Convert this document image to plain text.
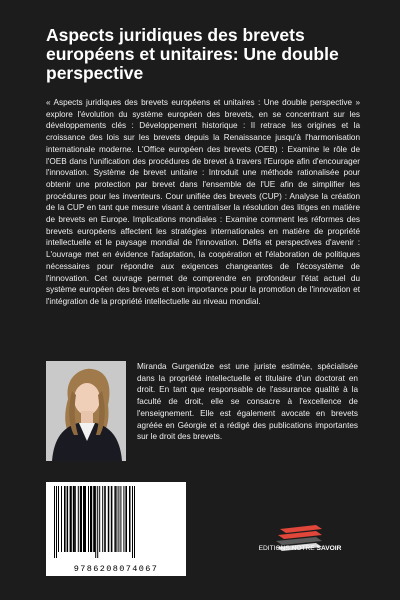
Aspects juridiques des brevets européens et unitaires: Une double perspective

« Aspects juridiques des brevets européens et unitaires : Une double perspective » explore l'évolution du système européen des brevets, en se concentrant sur les développements clés : Développement historique : Il retrace les origines et la croissance des lois sur les brevets depuis la Renaissance jusqu'à l'harmonisation internationale moderne. L'Office européen des brevets (OEB) : Examine le rôle de l'OEB dans l'unification des procédures de brevet à travers l'Europe afin d'encourager l'innovation. Système de brevet unitaire : Introduit une méthode rationalisée pour obtenir une protection par brevet dans l'ensemble de l'UE afin de simplifier les procédures pour les inventeurs. Cour unifiée des brevets (CUP) : Analyse la création de la CUP en tant que mesure visant à centraliser la résolution des litiges en matière de brevets en Europe. Implications mondiales : Examine comment les réformes des brevets européens affectent les stratégies internationales en matière de propriété intellectuelle et le paysage mondial de l'innovation. Défis et perspectives d'avenir : L'ouvrage met en évidence l'adaptation, la coopération et l'élaboration de politiques nécessaires pour répondre aux exigences changeantes de l'écosystème de l'innovation. Cet ouvrage permet de comprendre en profondeur l'état actuel du système européen des brevets et son importance pour la promotion de l'innovation et l'intégration de la propriété intellectuelle au niveau mondial.

Miranda Gurgenidze est une juriste estimée, spécialisée dans la propriété intellectuelle et titulaire d'un doctorat en droit. En tant que responsable de l'assurance qualité à la faculté de droit, elle se consacre à l'excellence de l'enseignement. Elle est également avocate en brevets agréée en Géorgie et a rédigé des publications importantes sur le droit des brevets.

9786208074067
EDITIONS NOTRE SAVOIR
